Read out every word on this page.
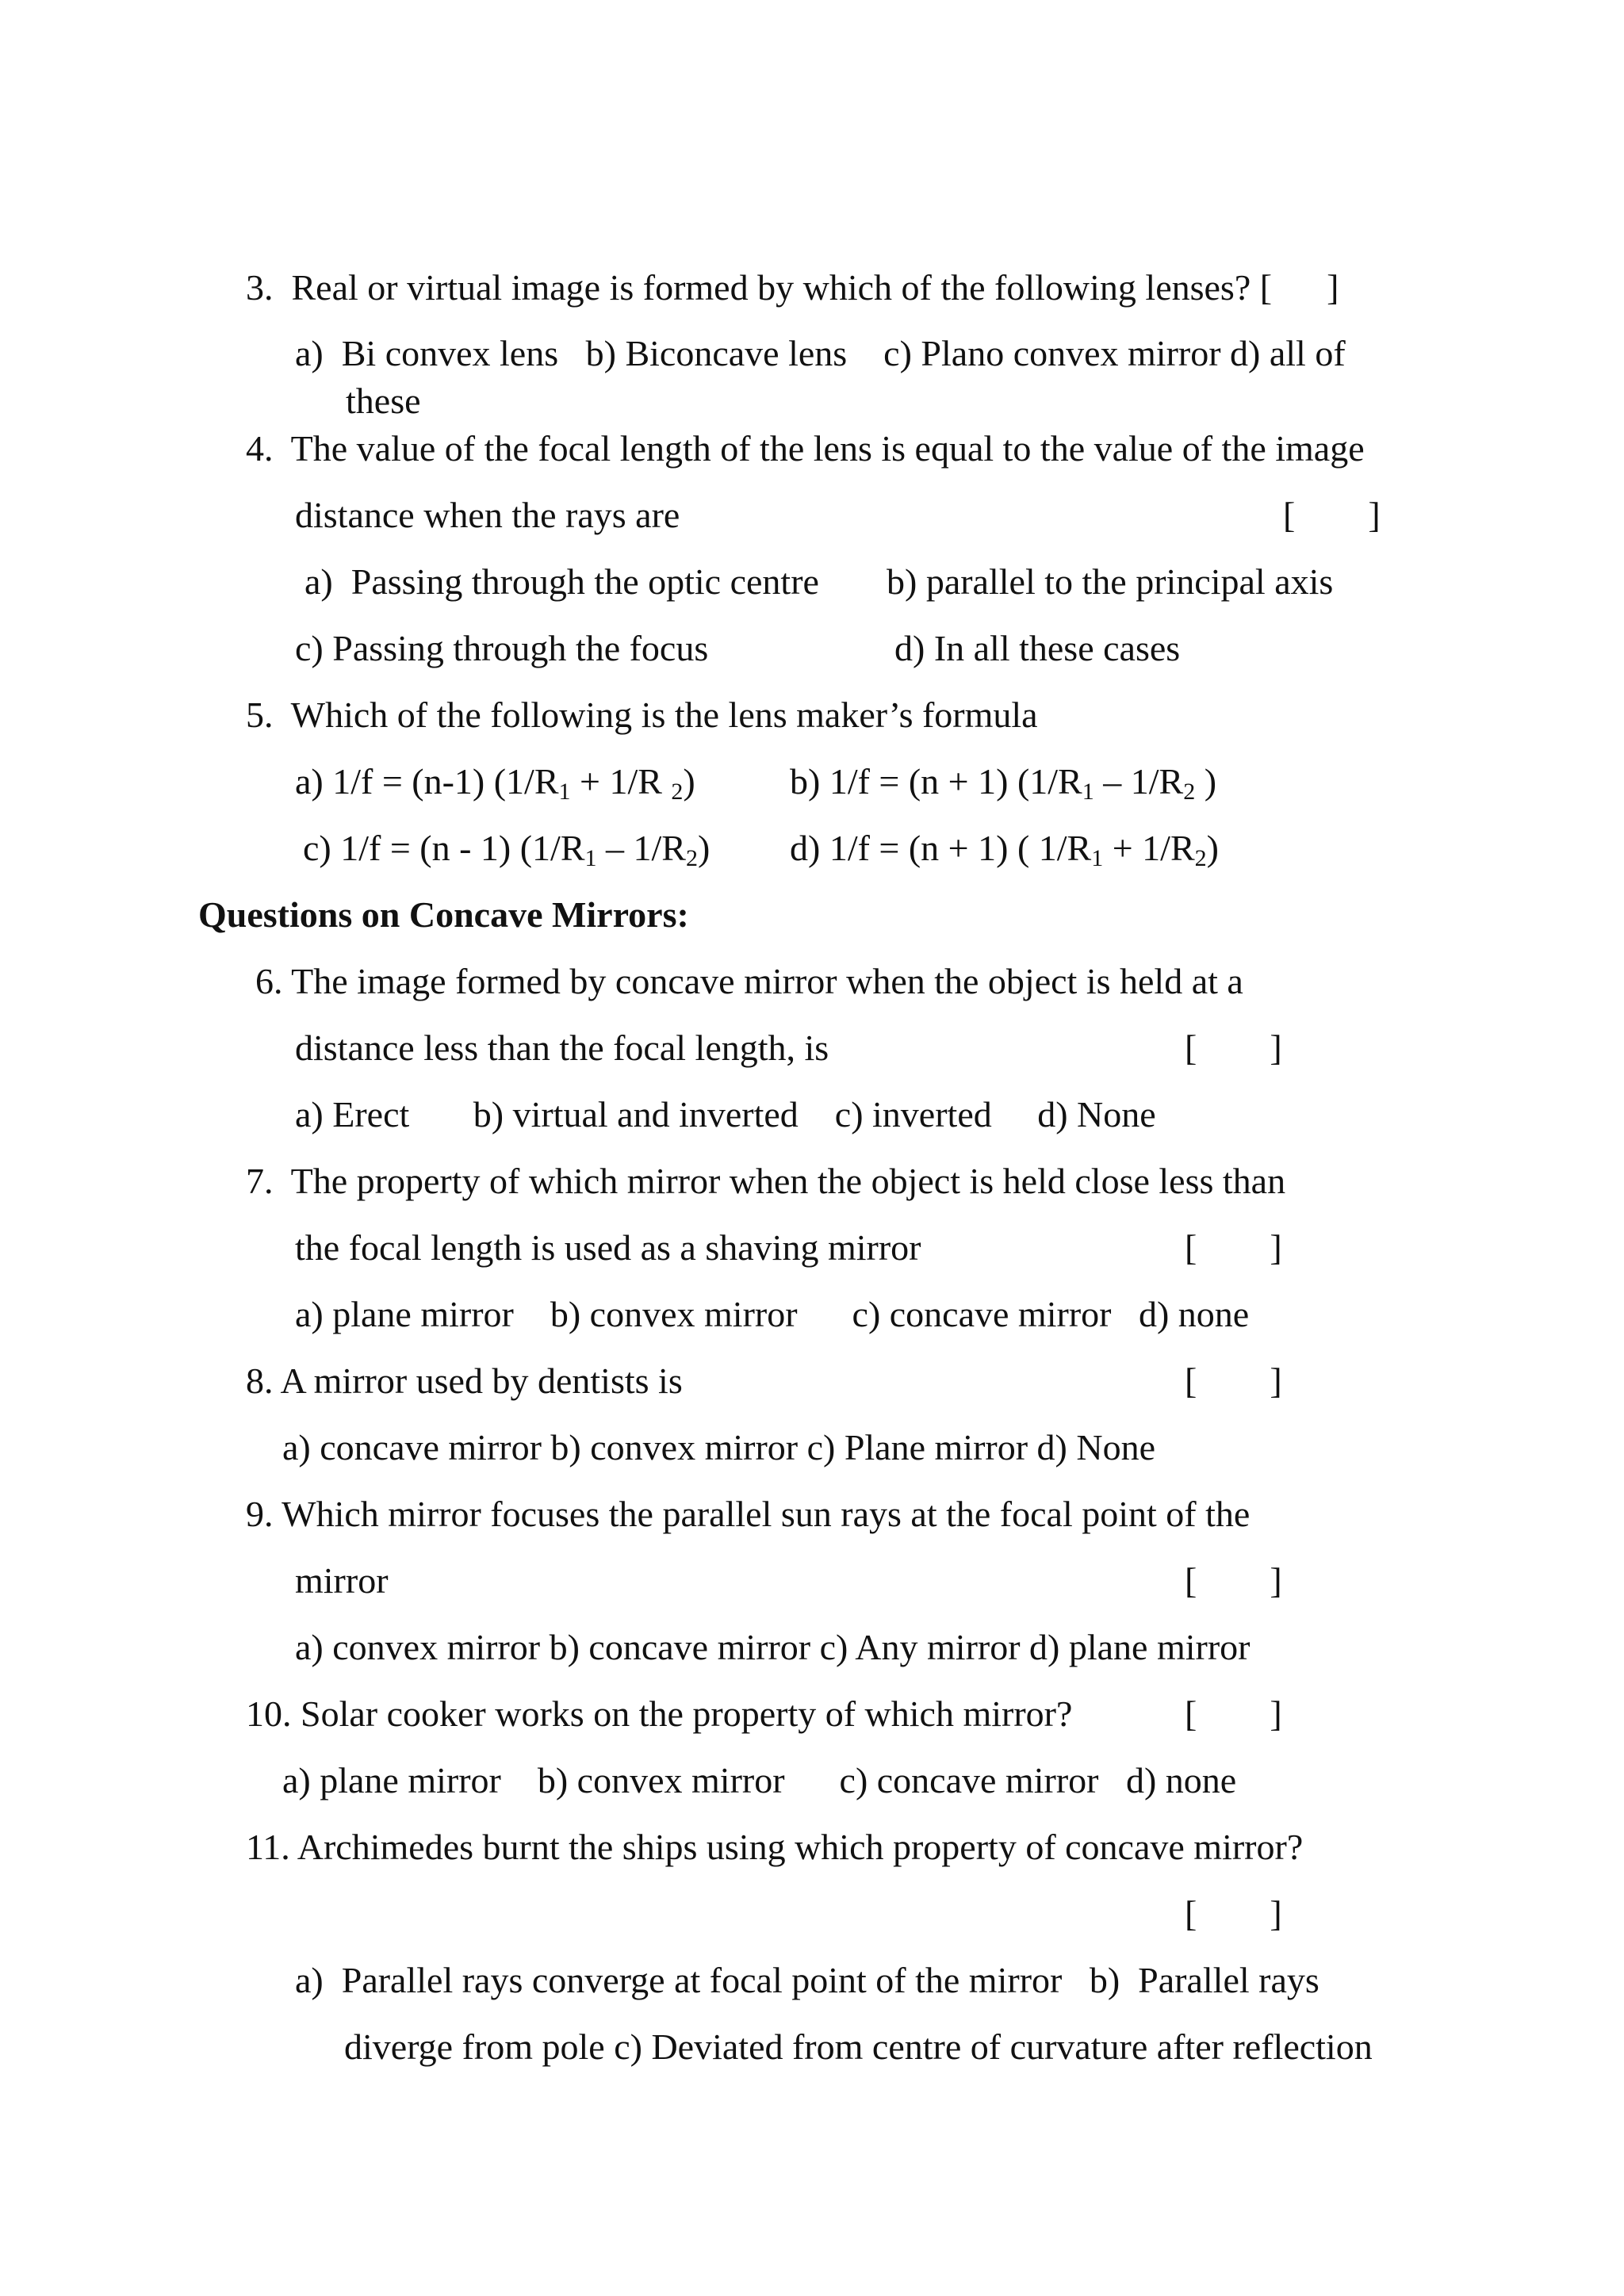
3.  Real or virtual image is formed by which of the following lenses? [      ]
a)  Bi convex lens   b) Biconcave lens    c) Plano convex mirror d) all of
these
4.  The value of the focal length of the lens is equal to the value of the image
distance when the rays are	[        ]
a)  Passing through the optic centre b) parallel to the principal axis
c) Passing through the focus	d) In all these cases
5.  Which of the following is the lens maker’s formula
a) 1/f = (n-1) ($1/R_1 + 1/R$ $_2$)	b) 1/f = (n + 1) ($1/R_1 - 1/R_2$ )
c) 1/f = (n - 1) $(1/R_1 - 1/R_2)$ d) 1/f = (n + 1) ( $1/R_1 + 1/R_2$)
Questions on Concave Mirrors:
6. The image formed by concave mirror when the object is held at a
distance less than the focal length, is	[        ]
a) Erect       b) virtual and inverted    c) inverted     d) None
7.  The property of which mirror when the object is held close less than
the focal length is used as a shaving mirror	[        ]
a) plane mirror    b) convex mirror      c) concave mirror   d) none
8. A mirror used by dentists is	[        ]
a) concave mirror b) convex mirror c) Plane mirror d) None
9. Which mirror focuses the parallel sun rays at the focal point of the
mirror	[        ]
a) convex mirror b) concave mirror c) Any mirror d) plane mirror
10. Solar cooker works on the property of which mirror?	[        ]
a) plane mirror    b) convex mirror      c) concave mirror   d) none
11. Archimedes burnt the ships using which property of concave mirror?
[        ]
a)  Parallel rays converge at focal point of the mirror   b)  Parallel rays
diverge from pole c) Deviated from centre of curvature after reflection
